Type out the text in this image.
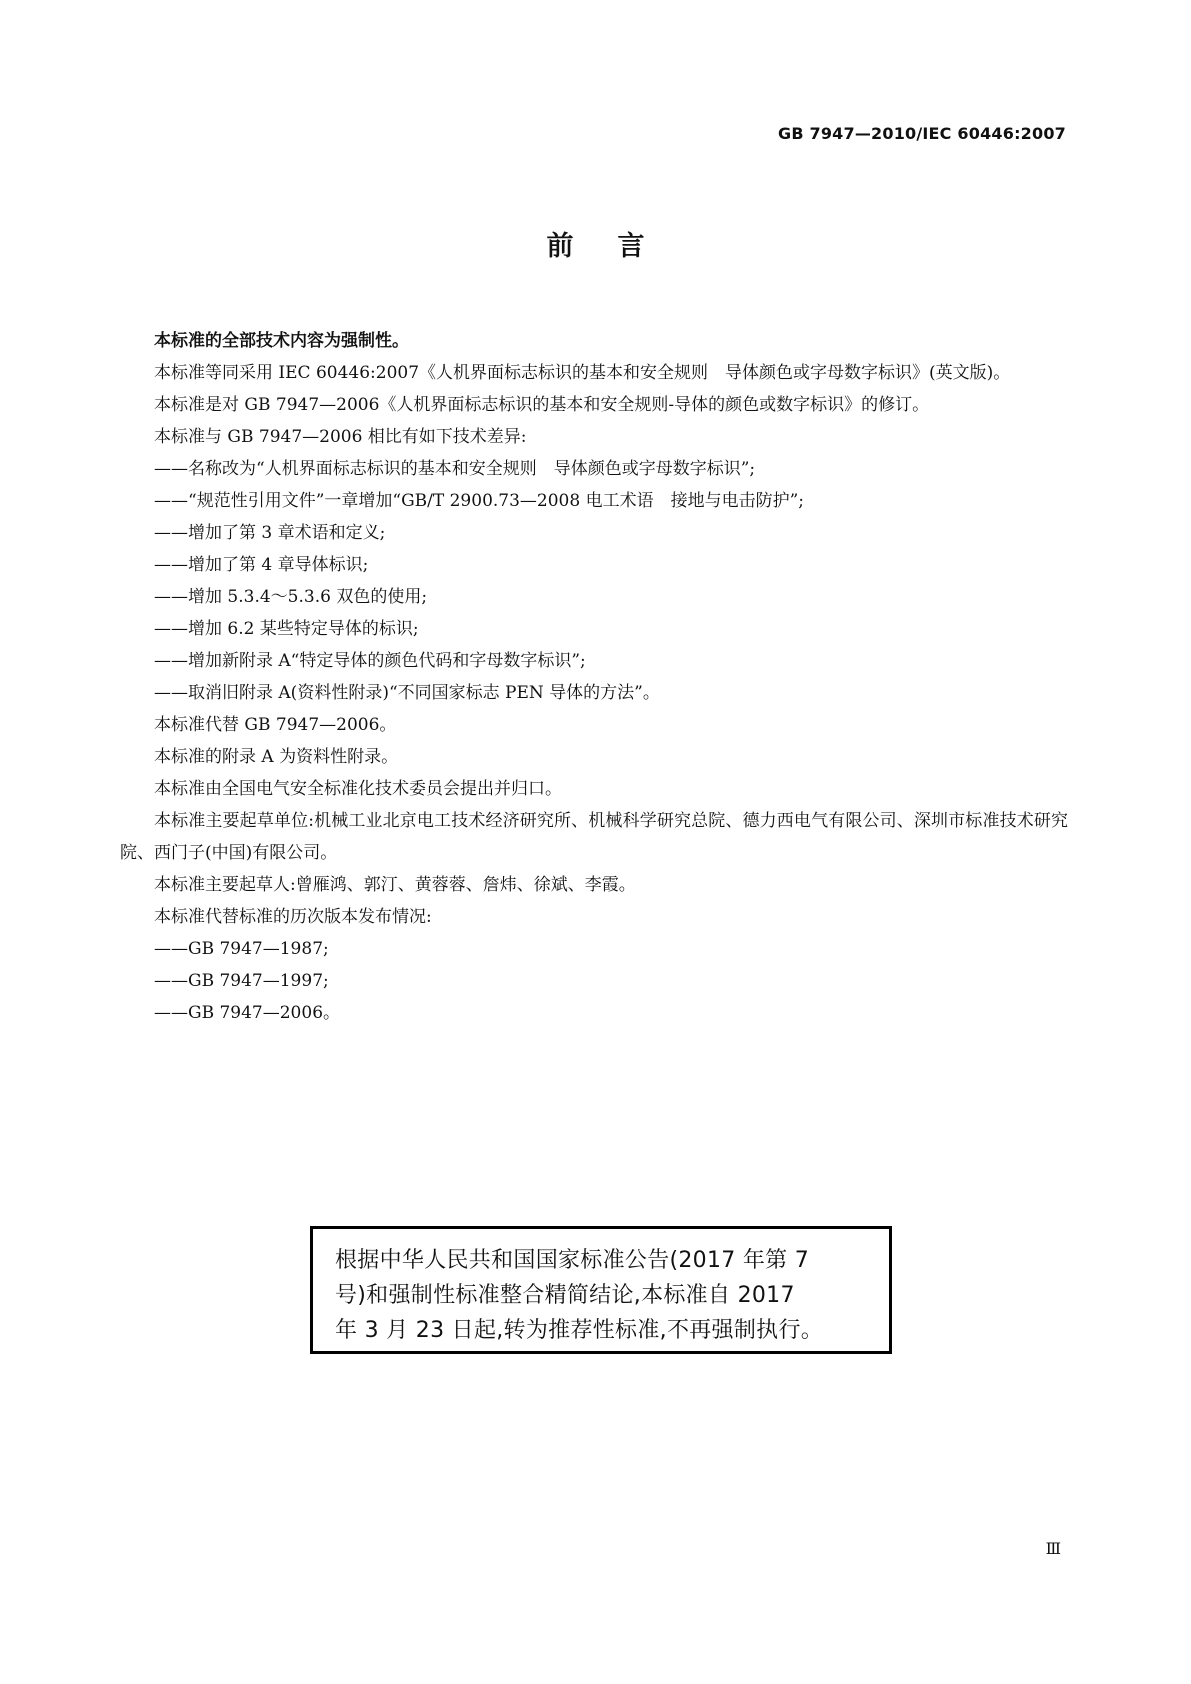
GB 7947—2010/IEC 60446:2007
前言

本标准的全部技术内容为强制性。

本标准等同采用 IEC 60446:2007《人机界面标志标识的基本和安全规则　导体颜色或字母数字标识》(英文版)。

本标准是对 GB 7947—2006《人机界面标志标识的基本和安全规则-导体的颜色或数字标识》的修订。

本标准与 GB 7947—2006 相比有如下技术差异:

——名称改为“人机界面标志标识的基本和安全规则　导体颜色或字母数字标识”;

——“规范性引用文件”一章增加“GB/T 2900.73—2008 电工术语　接地与电击防护”;

——增加了第 3 章术语和定义;

——增加了第 4 章导体标识;

——增加 5.3.4～5.3.6 双色的使用;

——增加 6.2 某些特定导体的标识;

——增加新附录 A“特定导体的颜色代码和字母数字标识”;

——取消旧附录 A(资料性附录)“不同国家标志 PEN 导体的方法”。

本标准代替 GB 7947—2006。

本标准的附录 A 为资料性附录。

本标准由全国电气安全标准化技术委员会提出并归口。

本标准主要起草单位:机械工业北京电工技术经济研究所、机械科学研究总院、德力西电气有限公司、深圳市标准技术研究院、西门子(中国)有限公司。

本标准主要起草人:曾雁鸿、郭汀、黄蓉蓉、詹炜、徐斌、李霞。

本标准代替标准的历次版本发布情况:

——GB 7947—1987;

——GB 7947—1997;

——GB 7947—2006。

根据中华人民共和国国家标准公告(2017 年第 7
号)和强制性标准整合精简结论,本标准自 2017
年 3 月 23 日起,转为推荐性标准,不再强制执行。
Ⅲ
